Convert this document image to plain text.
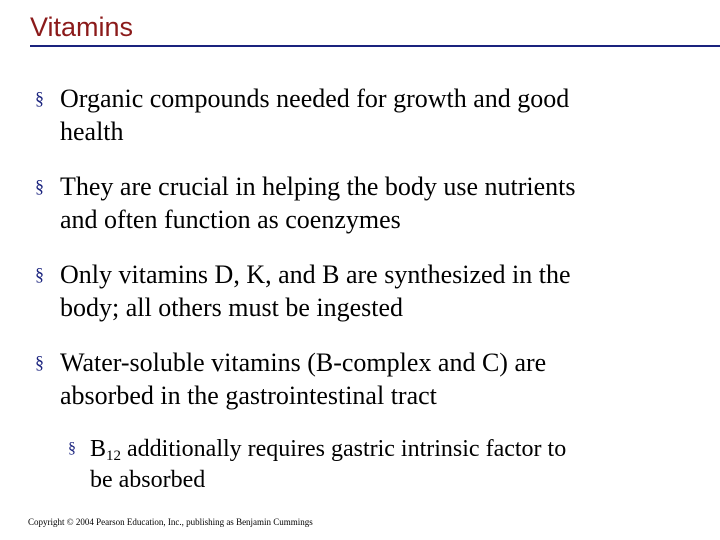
Vitamins
§ Organic compounds needed for growth and good
health
§ They are crucial in helping the body use nutrients
and often function as coenzymes
§ Only vitamins D, K, and B are synthesized in the
body; all others must be ingested
§ Water-soluble vitamins (B-complex and C) are
absorbed in the gastrointestinal tract
§ $B_{12}$ additionally requires gastric intrinsic factor to
be absorbed
Copyright © 2004 Pearson Education, Inc., publishing as Benjamin Cummings
